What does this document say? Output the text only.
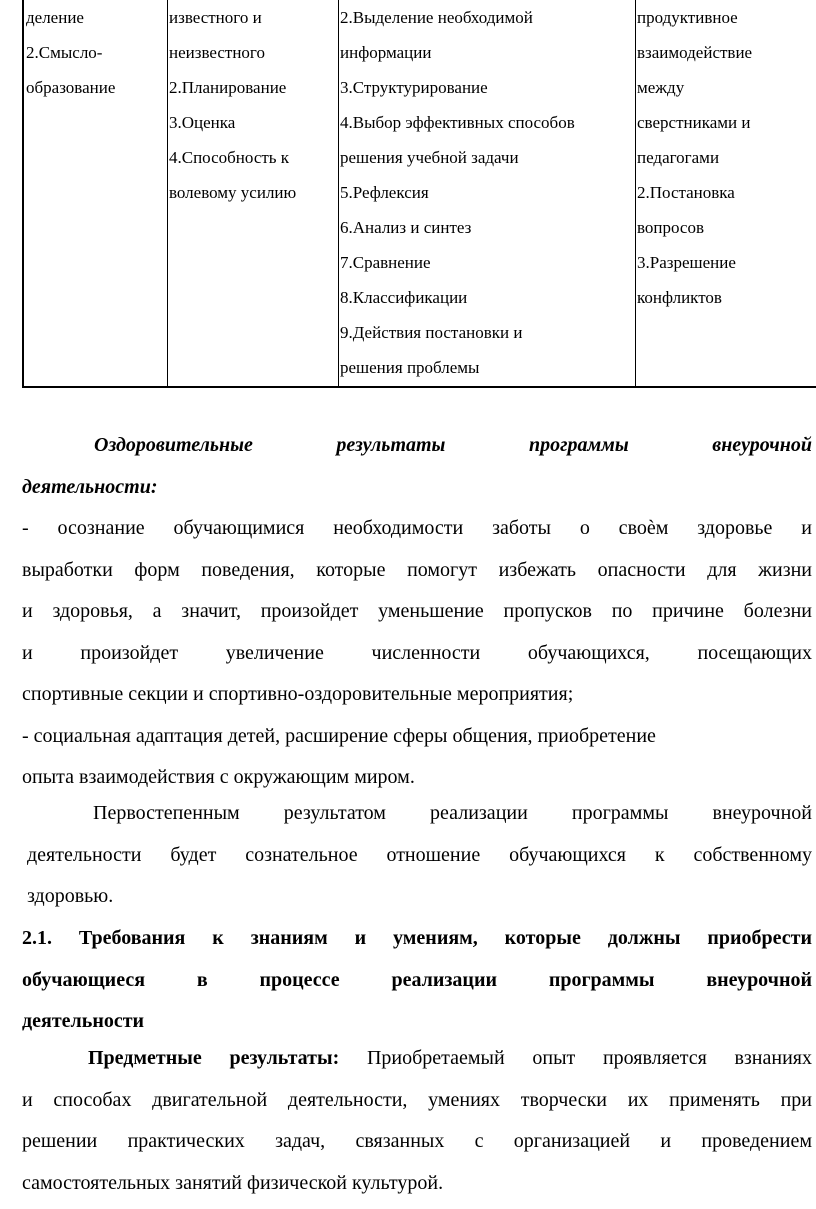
деление
2.Смысло-
образование
известного и
неизвестного
2.Планирование
3.Оценка
4.Способность к
волевому усилию
2.Выделение необходимой
информации
3.Структурирование
4.Выбор эффективных способов
решения учебной задачи
5.Рефлексия
6.Анализ и синтез
7.Сравнение
8.Классификации
9.Действия постановки и
решения проблемы
продуктивное
взаимодействие
между
сверстниками и
педагогами
2.Постановка
вопросов
3.Разрешение
конфликтов
Оздоровительные результаты программы внеурочной
деятельности:
- осознание обучающимися необходимости заботы о своѐм здоровье и
выработки форм поведения, которые помогут избежать опасности для жизни
и здоровья, а значит, произойдет уменьшение пропусков по причине болезни
и произойдет увеличение численности обучающихся, посещающих
спортивные секции и спортивно-оздоровительные мероприятия;
- социальная адаптация детей, расширение сферы общения, приобретение
опыта взаимодействия с окружающим миром.
Первостепенным результатом реализации программы внеурочной
деятельности будет сознательное отношение обучающихся к собственному
здоровью.
2.1. Требования к знаниям и умениям, которые должны приобрести
обучающиеся в процессе реализации программы внеурочной
деятельности
Предметные результаты: Приобретаемый опыт проявляется взнаниях
и способах двигательной деятельности, умениях творчески их применять при
решении практических задач, связанных с организацией и проведением
самостоятельных занятий физической культурой.
